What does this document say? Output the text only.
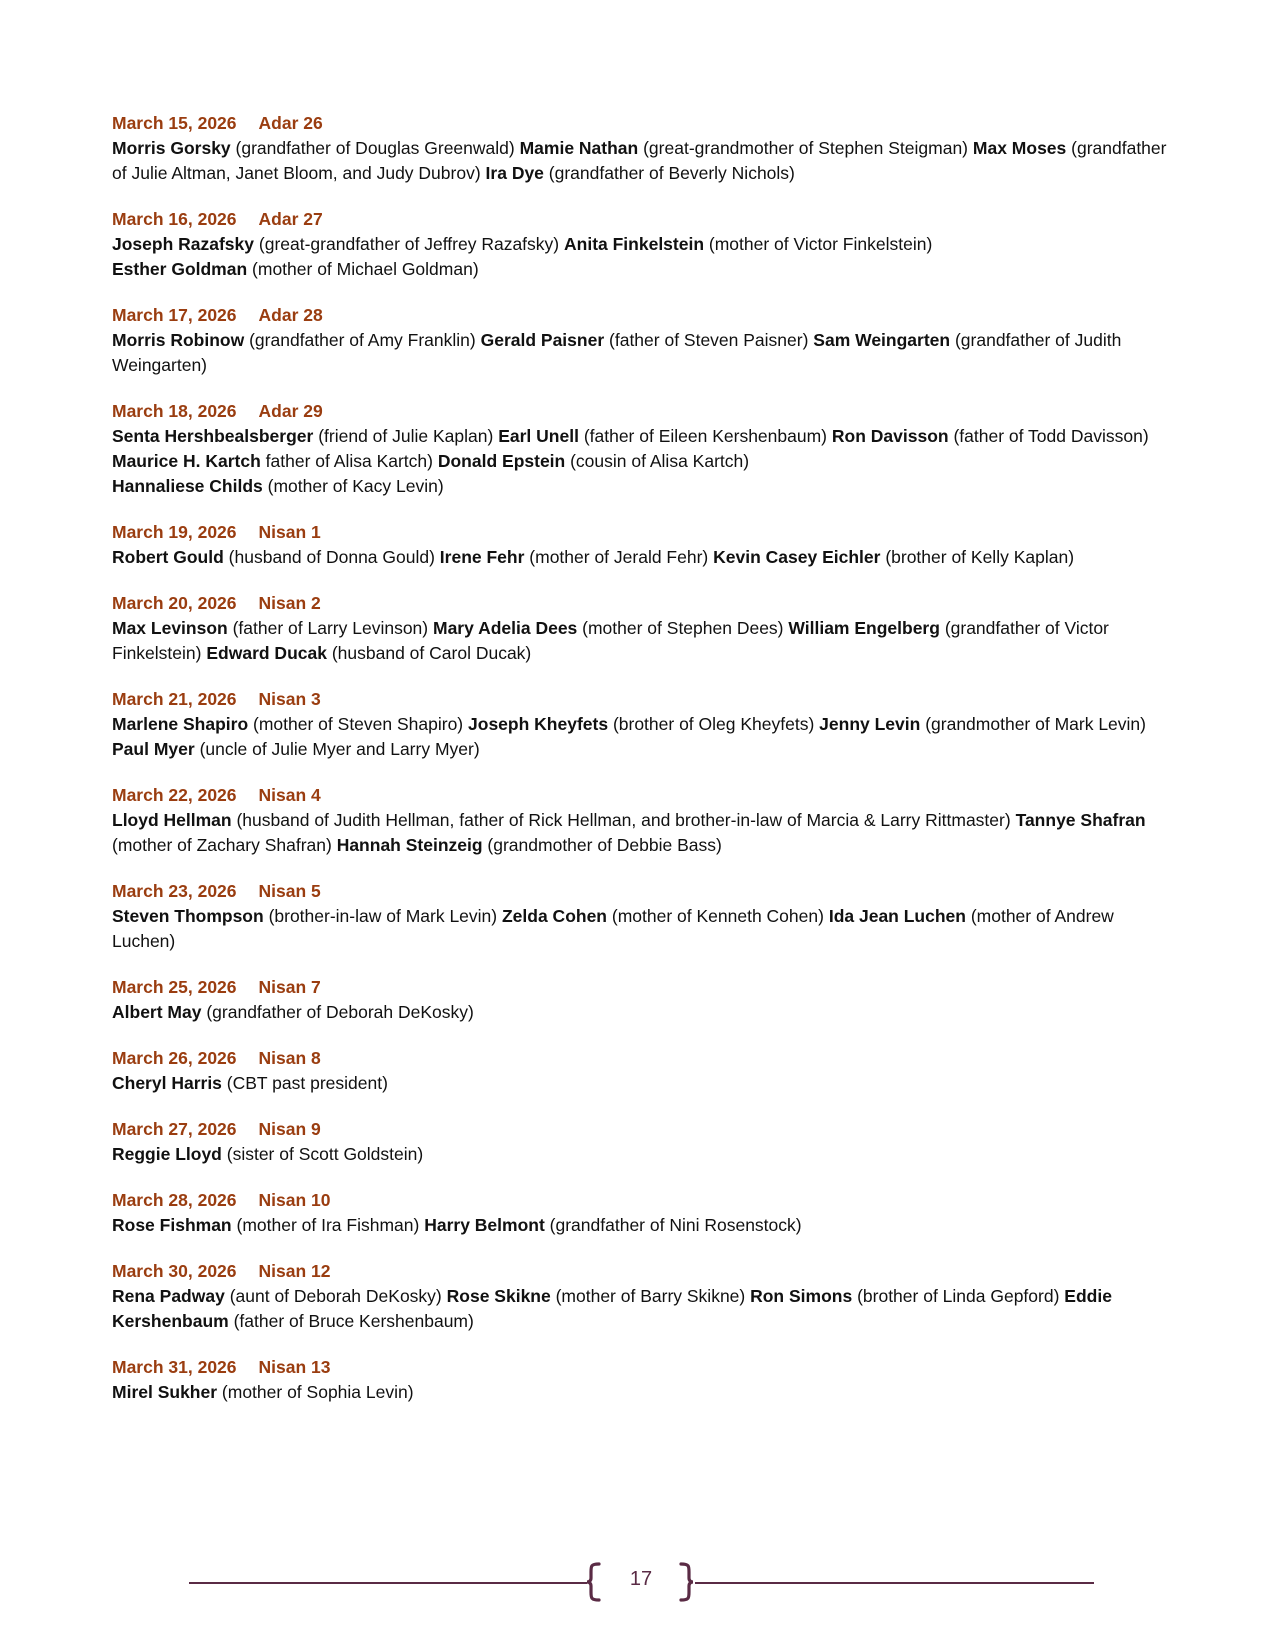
March 15, 2026 Adar 26
Morris Gorsky (grandfather of Douglas Greenwald) Mamie Nathan (great-grandmother of Stephen Steigman) Max Moses (grandfather of Julie Altman, Janet Bloom, and Judy Dubrov) Ira Dye (grandfather of Beverly Nichols)
March 16, 2026 Adar 27
Joseph Razafsky (great-grandfather of Jeffrey Razafsky) Anita Finkelstein (mother of Victor Finkelstein)
Esther Goldman (mother of Michael Goldman)
March 17, 2026 Adar 28
Morris Robinow (grandfather of Amy Franklin) Gerald Paisner (father of Steven Paisner) Sam Weingarten (grandfather of Judith Weingarten)
March 18, 2026 Adar 29
Senta Hershbealsberger (friend of Julie Kaplan) Earl Unell (father of Eileen Kershenbaum) Ron Davisson (father of Todd Davisson) Maurice H. Kartch father of Alisa Kartch) Donald Epstein (cousin of Alisa Kartch)
Hannaliese Childs (mother of Kacy Levin)
March 19, 2026 Nisan 1
Robert Gould (husband of Donna Gould) Irene Fehr (mother of Jerald Fehr) Kevin Casey Eichler (brother of Kelly Kaplan)
March 20, 2026 Nisan 2
Max Levinson (father of Larry Levinson) Mary Adelia Dees (mother of Stephen Dees) William Engelberg (grandfather of Victor Finkelstein) Edward Ducak (husband of Carol Ducak)
March 21, 2026 Nisan 3
Marlene Shapiro (mother of Steven Shapiro) Joseph Kheyfets (brother of Oleg Kheyfets) Jenny Levin (grandmother of Mark Levin) Paul Myer (uncle of Julie Myer and Larry Myer)
March 22, 2026 Nisan 4
Lloyd Hellman (husband of Judith Hellman, father of Rick Hellman, and brother-in-law of Marcia & Larry Rittmaster) Tannye Shafran (mother of Zachary Shafran) Hannah Steinzeig (grandmother of Debbie Bass)
March 23, 2026 Nisan 5
Steven Thompson (brother-in-law of Mark Levin) Zelda Cohen (mother of Kenneth Cohen) Ida Jean Luchen (mother of Andrew Luchen)
March 25, 2026 Nisan 7
Albert May (grandfather of Deborah DeKosky)
March 26, 2026 Nisan 8
Cheryl Harris (CBT past president)
March 27, 2026 Nisan 9
Reggie Lloyd (sister of Scott Goldstein)
March 28, 2026 Nisan 10
Rose Fishman (mother of Ira Fishman) Harry Belmont (grandfather of Nini Rosenstock)
March 30, 2026 Nisan 12
Rena Padway (aunt of Deborah DeKosky) Rose Skikne (mother of Barry Skikne) Ron Simons (brother of Linda Gepford) Eddie Kershenbaum (father of Bruce Kershenbaum)
March 31, 2026 Nisan 13
Mirel Sukher (mother of Sophia Levin)
17
